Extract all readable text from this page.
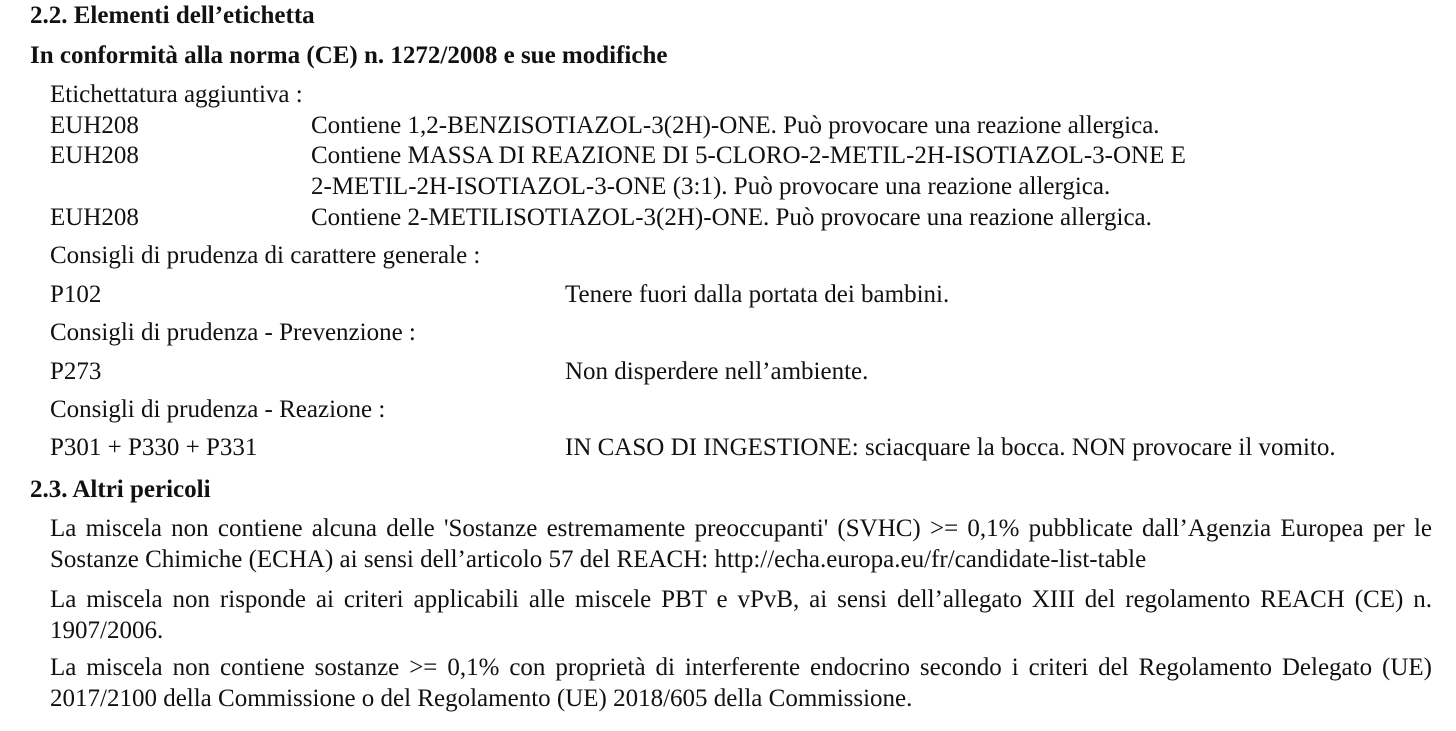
2.2. Elementi dell’etichetta
In conformità alla norma (CE) n. 1272/2008 e sue modifiche
Etichettatura aggiuntiva :
EUH208	Contiene 1,2-BENZISOTIAZOL-3(2H)-ONE. Può provocare una reazione allergica.
EUH208	Contiene MASSA DI REAZIONE DI 5-CLORO-2-METIL-2H-ISOTIAZOL-3-ONE E
2-METIL-2H-ISOTIAZOL-3-ONE (3:1). Può provocare una reazione allergica.
EUH208	Contiene 2-METILISOTIAZOL-3(2H)-ONE. Può provocare una reazione allergica.
Consigli di prudenza di carattere generale :
P102	Tenere fuori dalla portata dei bambini.
Consigli di prudenza - Prevenzione :
P273	Non disperdere nell’ambiente.
Consigli di prudenza - Reazione :
P301 + P330 + P331	IN CASO DI INGESTIONE: sciacquare la bocca. NON provocare il vomito.
2.3. Altri pericoli
La miscela non contiene alcuna delle 'Sostanze estremamente preoccupanti' (SVHC) >= 0,1% pubblicate dall’Agenzia Europea per le Sostanze Chimiche (ECHA) ai sensi dell’articolo 57 del REACH: http://echa.europa.eu/fr/candidate-list-table
La miscela non risponde ai criteri applicabili alle miscele PBT e vPvB, ai sensi dell’allegato XIII del regolamento REACH (CE) n. 1907/2006.
La miscela non contiene sostanze >= 0,1% con proprietà di interferente endocrino secondo i criteri del Regolamento Delegato (UE) 2017/2100 della Commissione o del Regolamento (UE) 2018/605 della Commissione.
